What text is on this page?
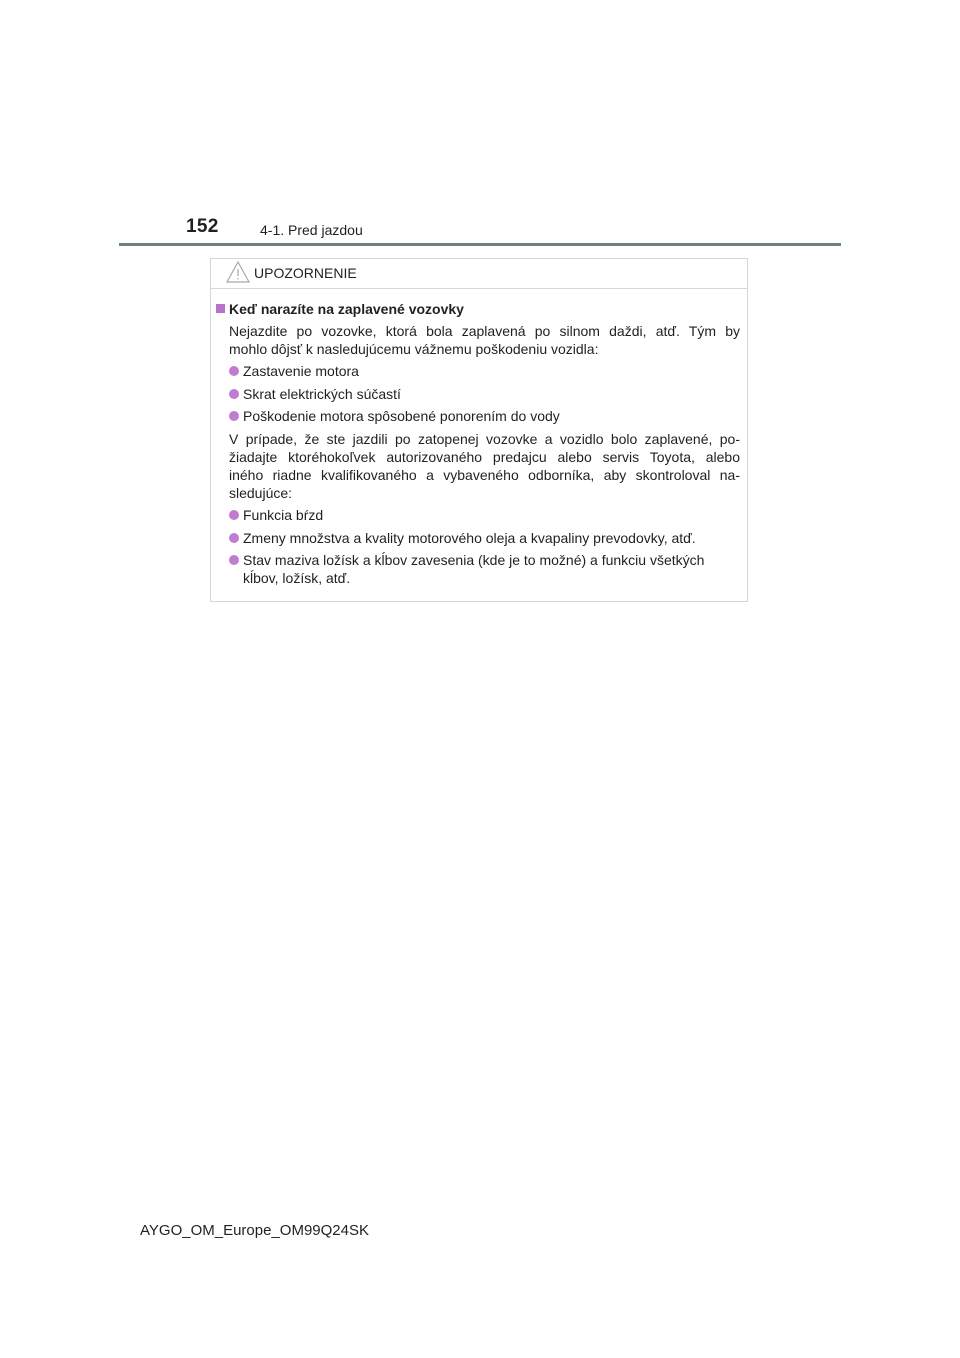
152	4-1. Pred jazdou
UPOZORNENIE
Keď narazíte na zaplavené vozovky
Nejazdite po vozovke, ktorá bola zaplavená po silnom daždi, atď. Tým by
mohlo dôjsť k nasledujúcemu vážnemu poškodeniu vozidla:
Zastavenie motora
Skrat elektrických súčastí
Poškodenie motora spôsobené ponorením do vody
V prípade, že ste jazdili po zatopenej vozovke a vozidlo bolo zaplavené, po-
žiadajte ktoréhokoľvek autorizovaného predajcu alebo servis Toyota, alebo
iného riadne kvalifikovaného a vybaveného odborníka, aby skontroloval na-
sledujúce:
Funkcia bŕzd
Zmeny množstva a kvality motorového oleja a kvapaliny prevodovky, atď.
Stav maziva ložísk a kĺbov zavesenia (kde je to možné) a funkciu všetkých kĺbov, ložísk, atď.
AYGO_OM_Europe_OM99Q24SK
